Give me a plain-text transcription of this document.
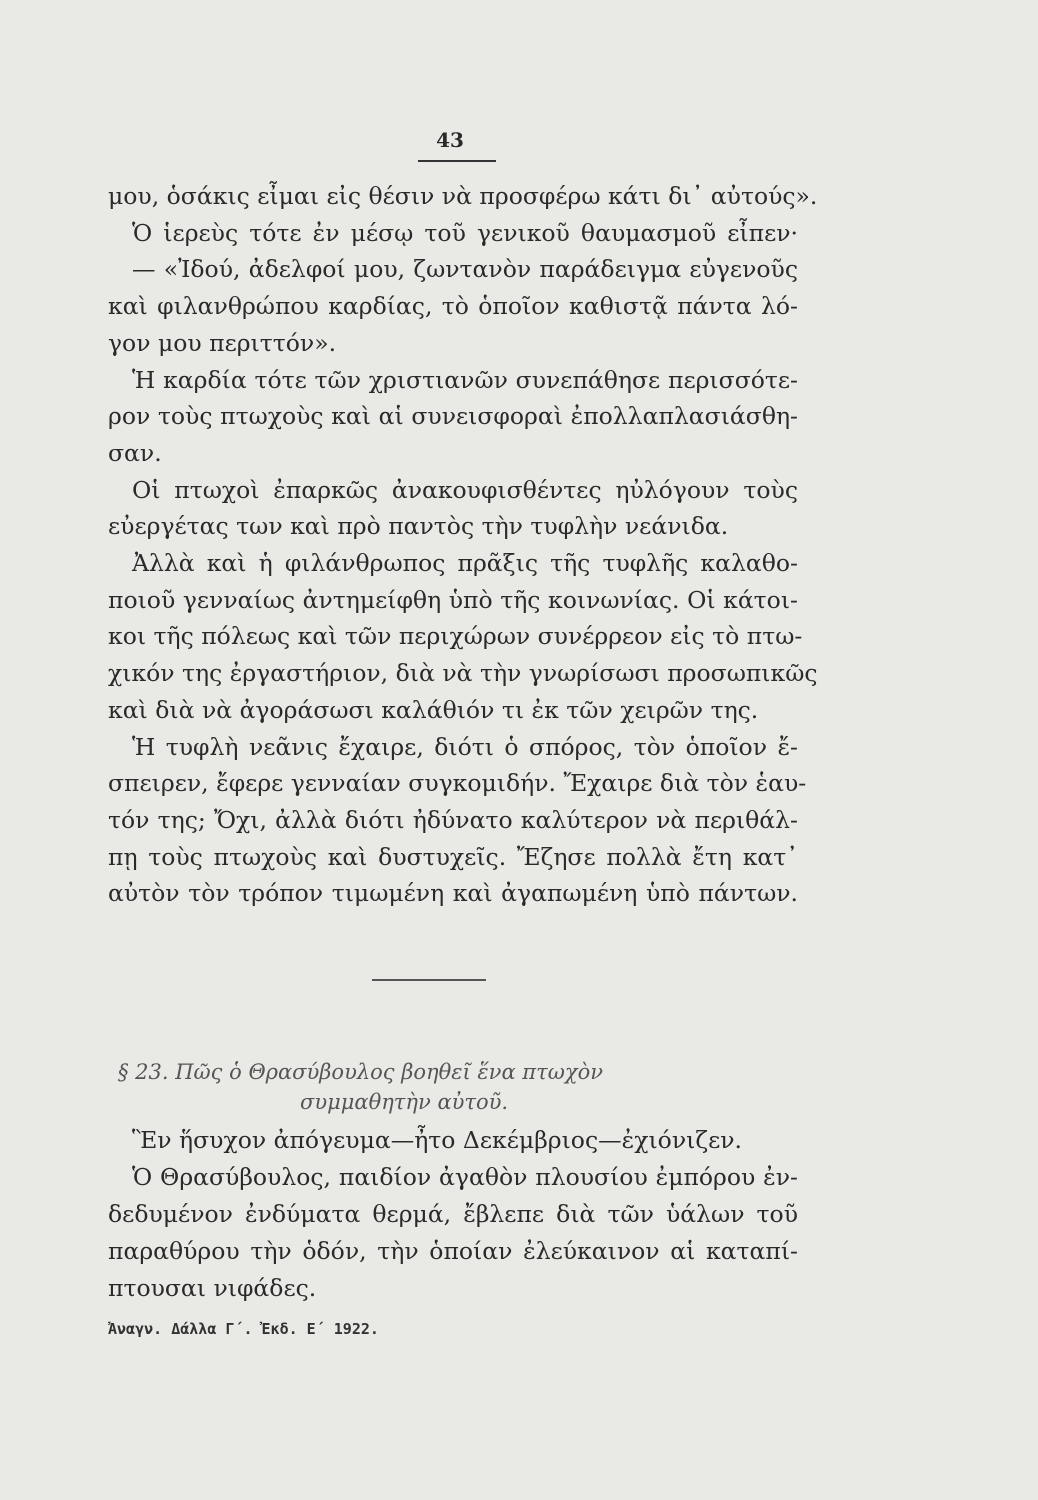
43
μου, ὁσάκις εἶμαι εἰς θέσιν νὰ προσφέρω κάτι δι᾽ αὐτούς».
Ὁ ἱερεὺς τότε ἐν μέσῳ τοῦ γενικοῦ θαυμασμοῦ εἶπεν·
— «Ἰδού, ἀδελφοί μου, ζωντανὸν παράδειγμα εὐγενοῦς
καὶ φιλανθρώπου καρδίας, τὸ ὁποῖον καθιστᾷ πάντα λό-
γον μου περιττόν».
Ἡ καρδία τότε τῶν χριστιανῶν συνεπάθησε περισσότε-
ρον τοὺς πτωχοὺς καὶ αἱ συνεισφοραὶ ἐπολλαπλασιάσθη-
σαν.
Οἱ πτωχοὶ ἐπαρκῶς ἀνακουφισθέντες ηὐλόγουν τοὺς
εὐεργέτας των καὶ πρὸ παντὸς τὴν τυφλὴν νεάνιδα.
Ἀλλὰ καὶ ἡ φιλάνθρωπος πρᾶξις τῆς τυφλῆς καλαθο-
ποιοῦ γενναίως ἀντημείφθη ὑπὸ τῆς κοινωνίας. Οἱ κάτοι-
κοι τῆς πόλεως καὶ τῶν περιχώρων συνέρρεον εἰς τὸ πτω-
χικόν της ἐργαστήριον, διὰ νὰ τὴν γνωρίσωσι προσωπικῶς
καὶ διὰ νὰ ἀγοράσωσι καλάθιόν τι ἐκ τῶν χειρῶν της.
Ἡ τυφλὴ νεᾶνις ἔχαιρε, διότι ὁ σπόρος, τὸν ὁποῖον ἔ-
σπειρεν, ἔφερε γενναίαν συγκομιδήν. Ἔχαιρε διὰ τὸν ἑαυ-
τόν της; Ὄχι, ἀλλὰ διότι ἠδύνατο καλύτερον νὰ περιθάλ-
πῃ τοὺς πτωχοὺς καὶ δυστυχεῖς. Ἔζησε πολλὰ ἔτη κατ᾽
αὐτὸν τὸν τρόπον τιμωμένη καὶ ἀγαπωμένη ὑπὸ πάντων.
§ 23. Πῶς ὁ Θρασύβουλος βοηθεῖ ἕνα πτωχὸν
συμμαθητὴν αὐτοῦ.
Ἓν ἥσυχον ἀπόγευμα—ἦτο Δεκέμβριος—ἐχιόνιζεν.
Ὁ Θρασύβουλος, παιδίον ἀγαθὸν πλουσίου ἐμπόρου ἐν-
δεδυμένον ἐνδύματα θερμά, ἔβλεπε διὰ τῶν ὑάλων τοῦ
παραθύρου τὴν ὁδόν, τὴν ὁποίαν ἐλεύκαινον αἱ καταπί-
πτουσαι νιφάδες.
Ἀναγν. Δάλλα Γ΄. Ἐκδ. Ε΄ 1922.
